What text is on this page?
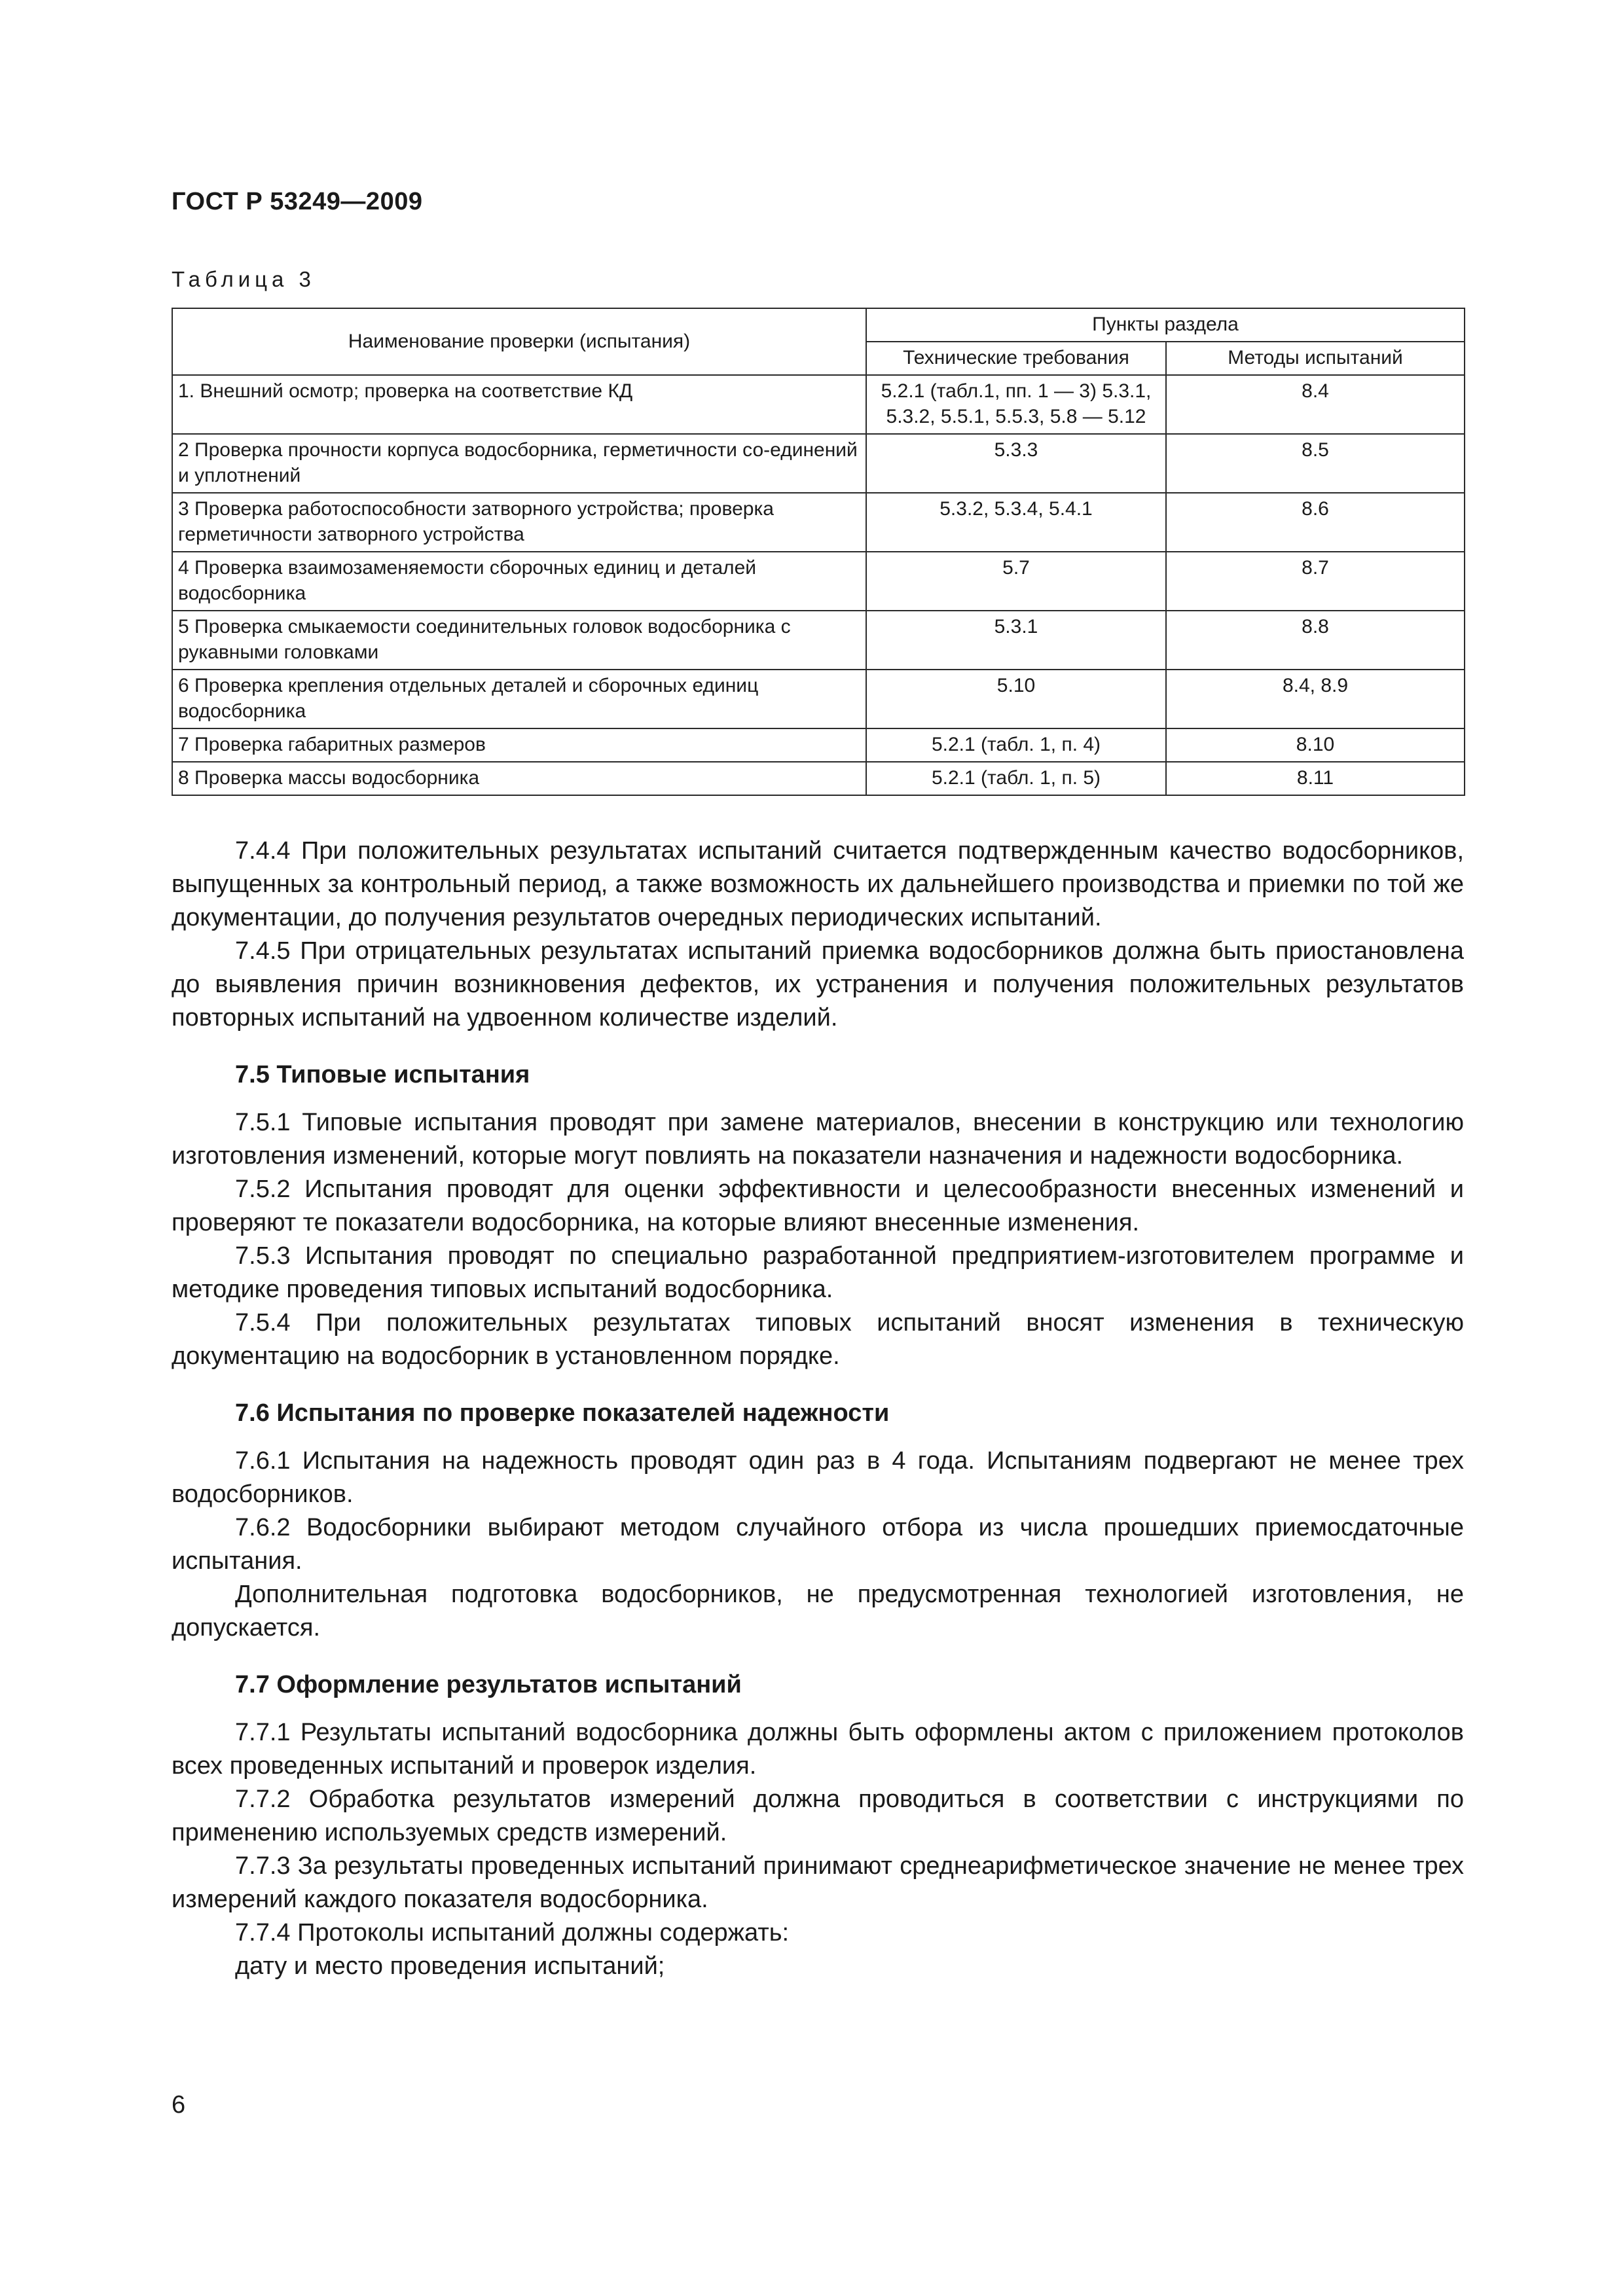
ГОСТ Р 53249—2009
Таблица 3
Наименование проверки (испытания)	Пункты раздела	
	Технические требования	Методы испытаний
1. Внешний осмотр; проверка на соответствие КД	5.2.1 (табл.1, пп. 1 — 3) 5.3.1, 5.3.2, 5.5.1, 5.5.3, 5.8 — 5.12	8.4
2 Проверка прочности корпуса водосборника, герметичности со-единений и уплотнений	5.3.3	8.5
3 Проверка работоспособности затворного устройства; проверка герметичности затворного устройства	5.3.2, 5.3.4, 5.4.1	8.6
4 Проверка взаимозаменяемости сборочных единиц и деталей водосборника	5.7	8.7
5 Проверка смыкаемости соединительных головок водосборника с рукавными головками	5.3.1	8.8
6 Проверка крепления отдельных деталей и сборочных единиц водосборника	5.10	8.4, 8.9
7 Проверка габаритных размеров	5.2.1 (табл. 1, п. 4)	8.10
8 Проверка массы водосборника	5.2.1 (табл. 1, п. 5)	8.11

7.4.4 При положительных результатах испытаний считается подтвержденным качество водосборников, выпущенных за контрольный период, а также возможность их дальнейшего производства и приемки по той же документации, до получения результатов очередных периодических испытаний.

7.4.5 При отрицательных результатах испытаний приемка водосборников должна быть приостановлена до выявления причин возникновения дефектов, их устранения и получения положительных результатов повторных испытаний на удвоенном количестве изделий.

7.5 Типовые испытания

7.5.1 Типовые испытания проводят при замене материалов, внесении в конструкцию или технологию изготовления изменений, которые могут повлиять на показатели назначения и надежности водосборника.

7.5.2 Испытания проводят для оценки эффективности и целесообразности внесенных изменений и проверяют те показатели водосборника, на которые влияют внесенные изменения.

7.5.3 Испытания проводят по специально разработанной предприятием-изготовителем программе и методике проведения типовых испытаний водосборника.

7.5.4 При положительных результатах типовых испытаний вносят изменения в техническую документацию на водосборник в установленном порядке.

7.6 Испытания по проверке показателей надежности

7.6.1 Испытания на надежность проводят один раз в 4 года. Испытаниям подвергают не менее трех водосборников.

7.6.2 Водосборники выбирают методом случайного отбора из числа прошедших приемосдаточные испытания.

Дополнительная подготовка водосборников, не предусмотренная технологией изготовления, не допускается.

7.7 Оформление результатов испытаний

7.7.1 Результаты испытаний водосборника должны быть оформлены актом с приложением протоколов всех проведенных испытаний и проверок изделия.

7.7.2 Обработка результатов измерений должна проводиться в соответствии с инструкциями по применению используемых средств измерений.

7.7.3 За результаты проведенных испытаний принимают среднеарифметическое значение не менее трех измерений каждого показателя водосборника.

7.7.4 Протоколы испытаний должны содержать:

дату и место проведения испытаний;

6
